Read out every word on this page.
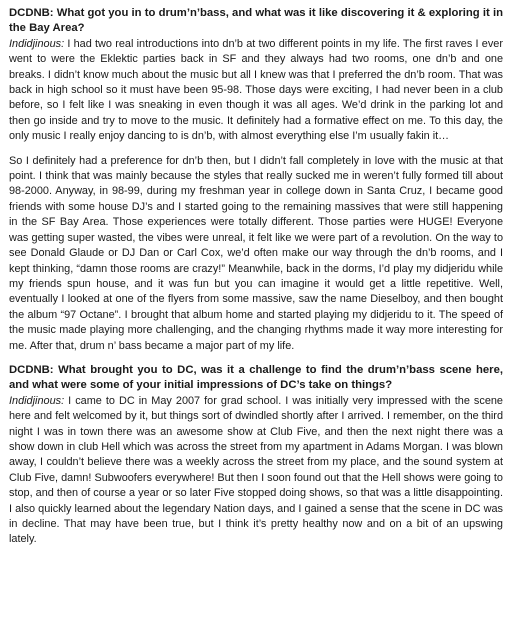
DCDNB: What got you in to drum’n’bass, and what was it like discovering it & exploring it in the Bay Area?

Indidjinous: I had two real introductions into dn’b at two different points in my life. The first raves I ever went to were the Eklektic parties back in SF and they always had two rooms, one dn’b and one breaks. I didn’t know much about the music but all I knew was that I preferred the dn’b room. That was back in high school so it must have been 95-98. Those days were exciting, I had never been in a club before, so I felt like I was sneaking in even though it was all ages. We’d drink in the parking lot and then go inside and try to move to the music. It definitely had a formative effect on me. To this day, the only music I really enjoy dancing to is dn’b, with almost everything else I’m usually fakin it…

So I definitely had a preference for dn’b then, but I didn’t fall completely in love with the music at that point. I think that was mainly because the styles that really sucked me in weren’t fully formed till about 98-2000. Anyway, in 98-99, during my freshman year in college down in Santa Cruz, I became good friends with some house DJ’s and I started going to the remaining massives that were still happening in the SF Bay Area. Those experiences were totally different. Those parties were HUGE! Everyone was getting super wasted, the vibes were unreal, it felt like we were part of a revolution. On the way to see Donald Glaude or DJ Dan or Carl Cox, we’d often make our way through the dn’b rooms, and I kept thinking, “damn those rooms are crazy!” Meanwhile, back in the dorms, I’d play my didjeridu while my friends spun house, and it was fun but you can imagine it would get a little repetitive. Well, eventually I looked at one of the flyers from some massive, saw the name Dieselboy, and then bought the album “97 Octane”. I brought that album home and started playing my didjeridu to it. The speed of the music made playing more challenging, and the changing rhythms made it way more interesting for me. After that, drum n’ bass became a major part of my life.

DCDNB: What brought you to DC, was it a challenge to find the drum’n’bass scene here, and what were some of your initial impressions of DC’s take on things?

Indidjinous: I came to DC in May 2007 for grad school. I was initially very impressed with the scene here and felt welcomed by it, but things sort of dwindled shortly after I arrived. I remember, on the third night I was in town there was an awesome show at Club Five, and then the next night there was a show down in club Hell which was across the street from my apartment in Adams Morgan. I was blown away, I couldn’t believe there was a weekly across the street from my place, and the sound system at Club Five, damn! Subwoofers everywhere! But then I soon found out that the Hell shows were going to stop, and then of course a year or so later Five stopped doing shows, so that was a little disappointing. I also quickly learned about the legendary Nation days, and I gained a sense that the scene in DC was in decline. That may have been true, but I think it’s pretty healthy now and on a bit of an upswing lately.
